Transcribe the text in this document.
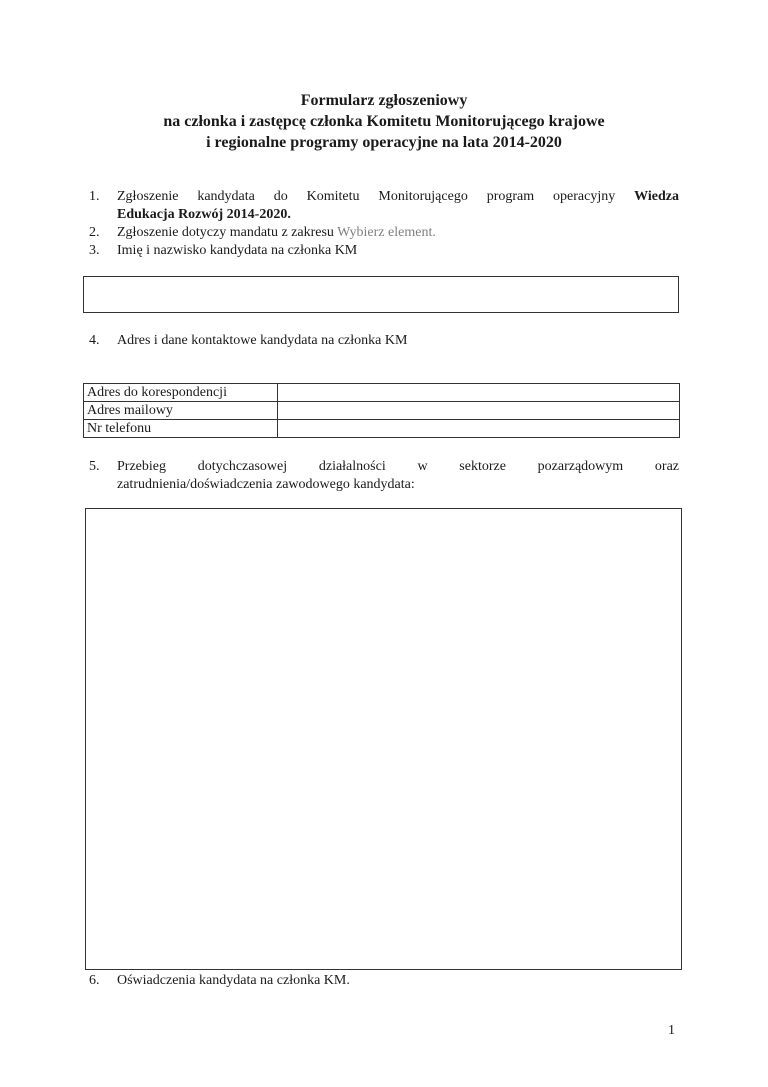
Formularz zgłoszeniowy
na członka i zastępcę członka Komitetu Monitorującego krajowe
i regionalne programy operacyjne na lata 2014-2020
1. Zgłoszenie kandydata do Komitetu Monitorującego program operacyjny Wiedza
Edukacja Rozwój 2014-2020.
2. Zgłoszenie dotyczy mandatu z zakresu Wybierz element.
3. Imię i nazwisko kandydata na członka KM
4. Adres i dane kontaktowe kandydata na członka KM
Adres do korespondencji	
Adres mailowy	
Nr telefonu	
5. Przebieg dotychczasowej działalności w sektorze pozarządowym oraz
zatrudnienia/doświadczenia zawodowego kandydata:
6. Oświadczenia kandydata na członka KM.
1
